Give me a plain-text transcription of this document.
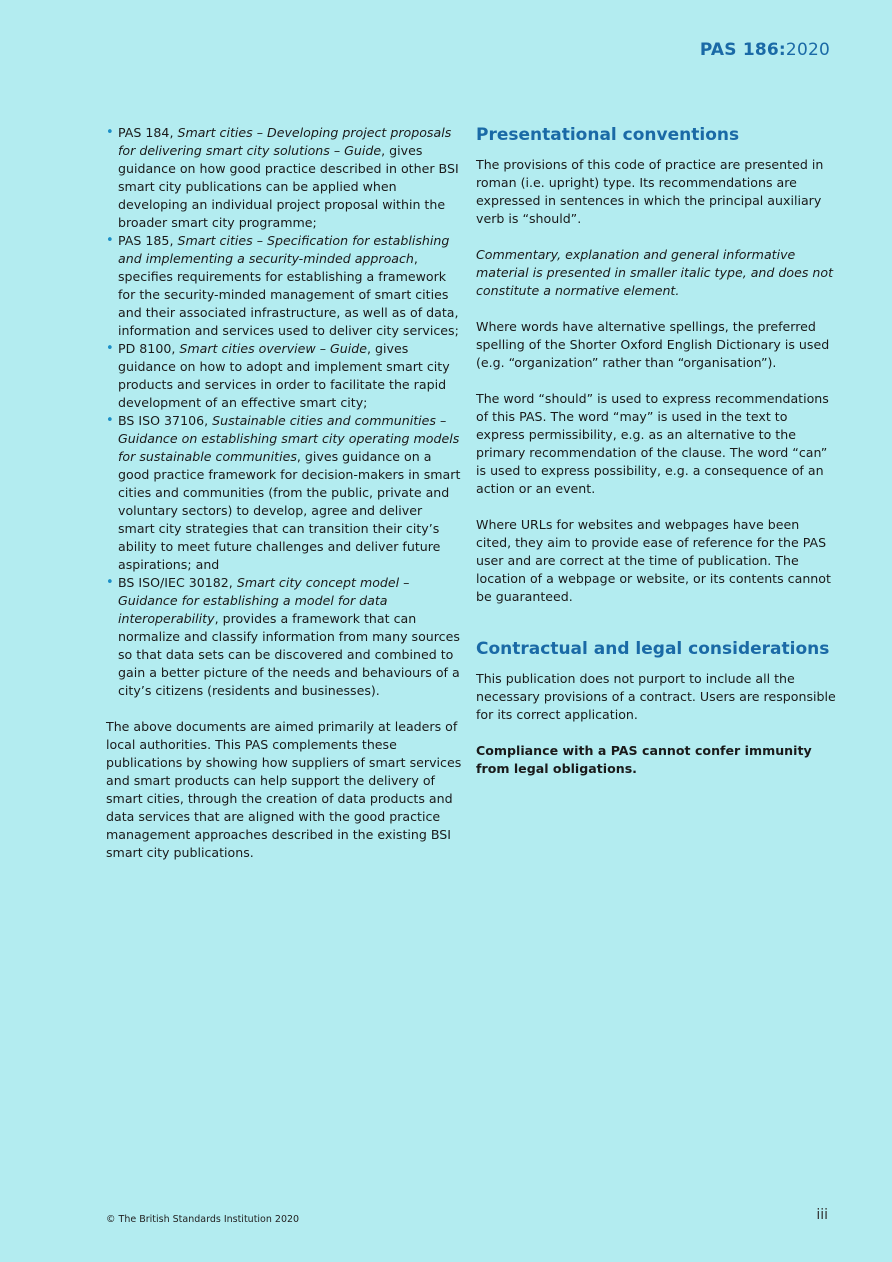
PAS 186:2020
• PAS 184, Smart cities – Developing project proposals for delivering smart city solutions – Guide, gives guidance on how good practice described in other BSI smart city publications can be applied when developing an individual project proposal within the broader smart city programme;
• PAS 185, Smart cities – Specification for establishing and implementing a security-minded approach, specifies requirements for establishing a framework for the security-minded management of smart cities and their associated infrastructure, as well as of data, information and services used to deliver city services;
• PD 8100, Smart cities overview – Guide, gives guidance on how to adopt and implement smart city products and services in order to facilitate the rapid development of an effective smart city;
• BS ISO 37106, Sustainable cities and communities – Guidance on establishing smart city operating models for sustainable communities, gives guidance on a good practice framework for decision-makers in smart cities and communities (from the public, private and voluntary sectors) to develop, agree and deliver smart city strategies that can transition their city’s ability to meet future challenges and deliver future aspirations; and
• BS ISO/IEC 30182, Smart city concept model – Guidance for establishing a model for data interoperability, provides a framework that can normalize and classify information from many sources so that data sets can be discovered and combined to gain a better picture of the needs and behaviours of a city’s citizens (residents and businesses).

The above documents are aimed primarily at leaders of local authorities. This PAS complements these publications by showing how suppliers of smart services and smart products can help support the delivery of smart cities, through the creation of data products and data services that are aligned with the good practice management approaches described in the existing BSI smart city publications.

Presentational conventions

The provisions of this code of practice are presented in roman (i.e. upright) type. Its recommendations are expressed in sentences in which the principal auxiliary verb is “should”.

Commentary, explanation and general informative material is presented in smaller italic type, and does not constitute a normative element.

Where words have alternative spellings, the preferred spelling of the Shorter Oxford English Dictionary is used (e.g. “organization” rather than “organisation”).

The word “should” is used to express recommendations of this PAS. The word “may” is used in the text to express permissibility, e.g. as an alternative to the primary recommendation of the clause. The word “can” is used to express possibility, e.g. a consequence of an action or an event.

Where URLs for websites and webpages have been cited, they aim to provide ease of reference for the PAS user and are correct at the time of publication. The location of a webpage or website, or its contents cannot be guaranteed.

Contractual and legal considerations

This publication does not purport to include all the necessary provisions of a contract. Users are responsible for its correct application.

Compliance with a PAS cannot confer immunity from legal obligations.

© The British Standards Institution 2020	iii
